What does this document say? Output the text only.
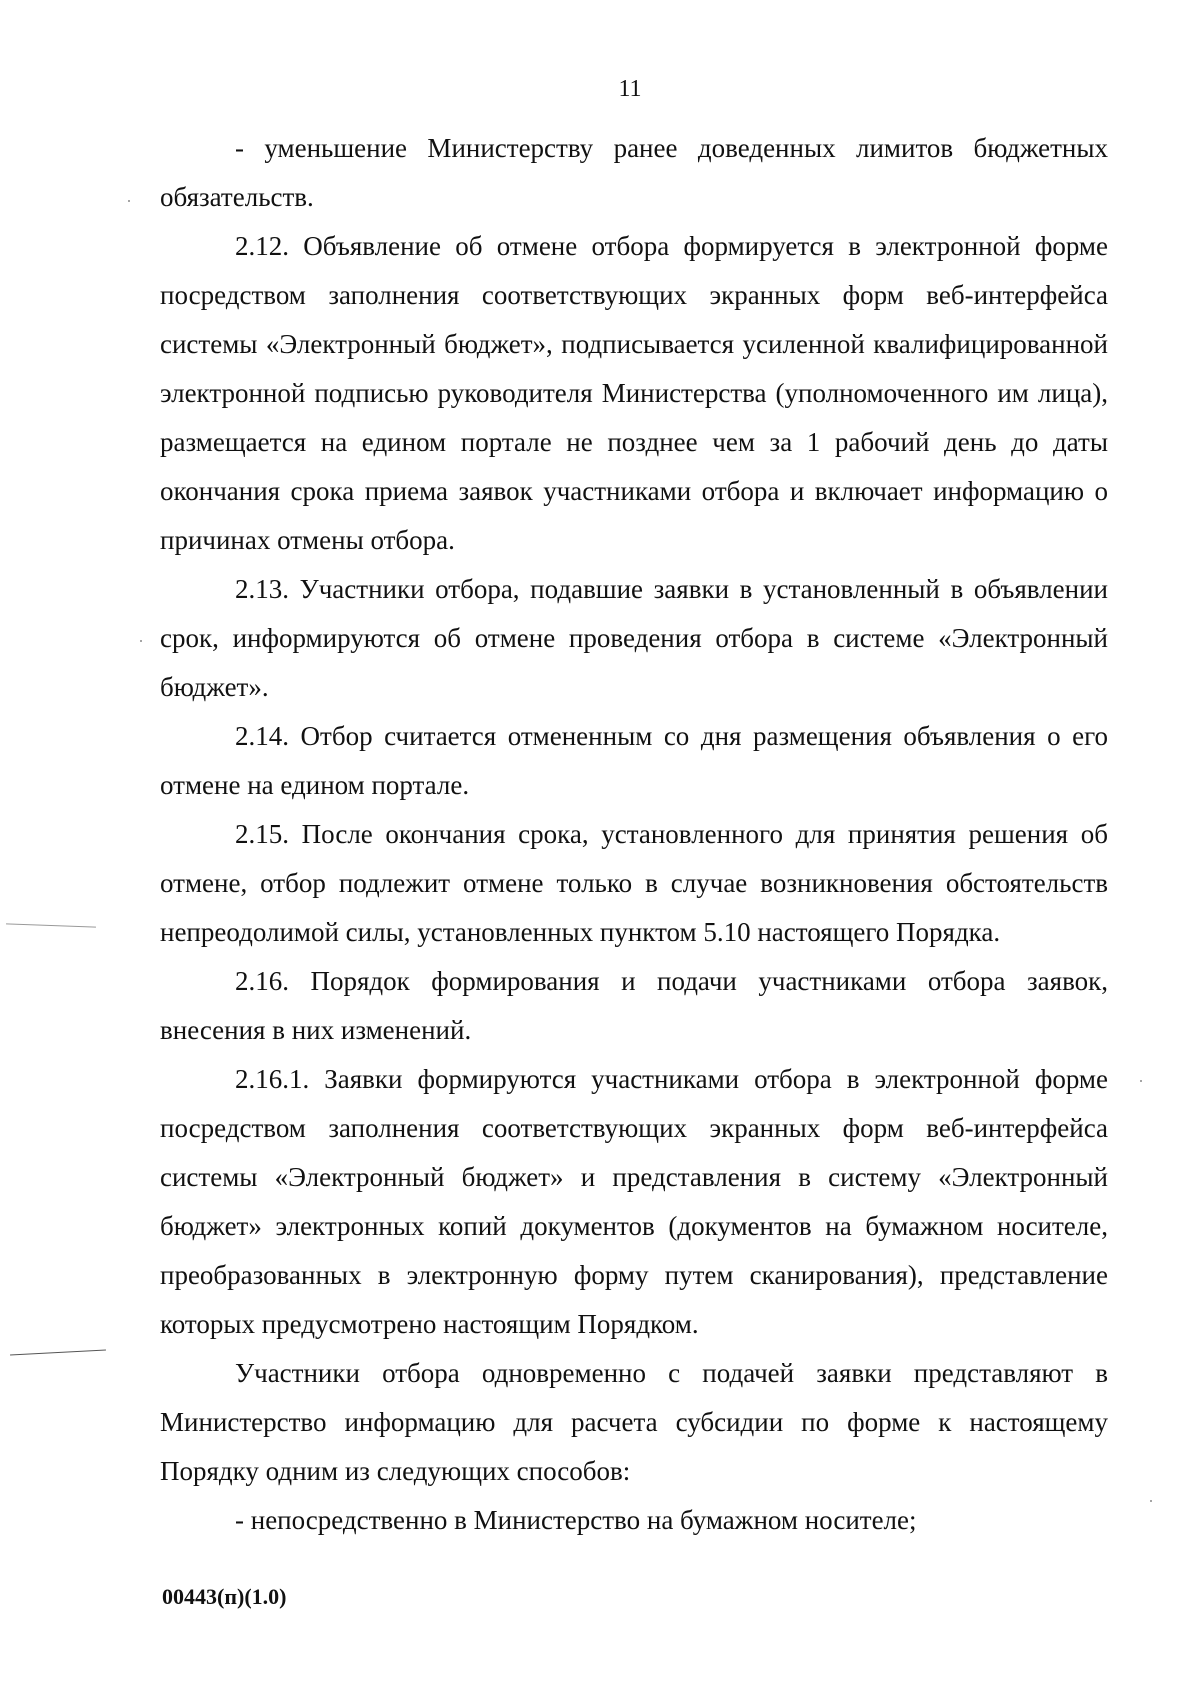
11

- уменьшение Министерству ранее доведенных лимитов бюджетных обязательств.

2.12. Объявление об отмене отбора формируется в электронной форме посредством заполнения соответствующих экранных форм веб-интерфейса системы «Электронный бюджет», подписывается усиленной квалифицированной электронной подписью руководителя Министерства (уполномоченного им лица), размещается на едином портале не позднее чем за 1 рабочий день до даты окончания срока приема заявок участниками отбора и включает информацию о причинах отмены отбора.

2.13. Участники отбора, подавшие заявки в установленный в объявлении срок, информируются об отмене проведения отбора в системе «Электронный бюджет».

2.14. Отбор считается отмененным со дня размещения объявления о его отмене на едином портале.

2.15. После окончания срока, установленного для принятия решения об отмене, отбор подлежит отмене только в случае возникновения обстоятельств непреодолимой силы, установленных пунктом 5.10 настоящего Порядка.

2.16. Порядок формирования и подачи участниками отбора заявок, внесения в них изменений.

2.16.1. Заявки формируются участниками отбора в электронной форме посредством заполнения соответствующих экранных форм веб-интерфейса системы «Электронный бюджет» и представления в систему «Электронный бюджет» электронных копий документов (документов на бумажном носителе, преобразованных в электронную форму путем сканирования), представление которых предусмотрено настоящим Порядком.

Участники отбора одновременно с подачей заявки представляют в Министерство информацию для расчета субсидии по форме к настоящему Порядку одним из следующих способов:

- непосредственно в Министерство на бумажном носителе;

00443(п)(1.0)
